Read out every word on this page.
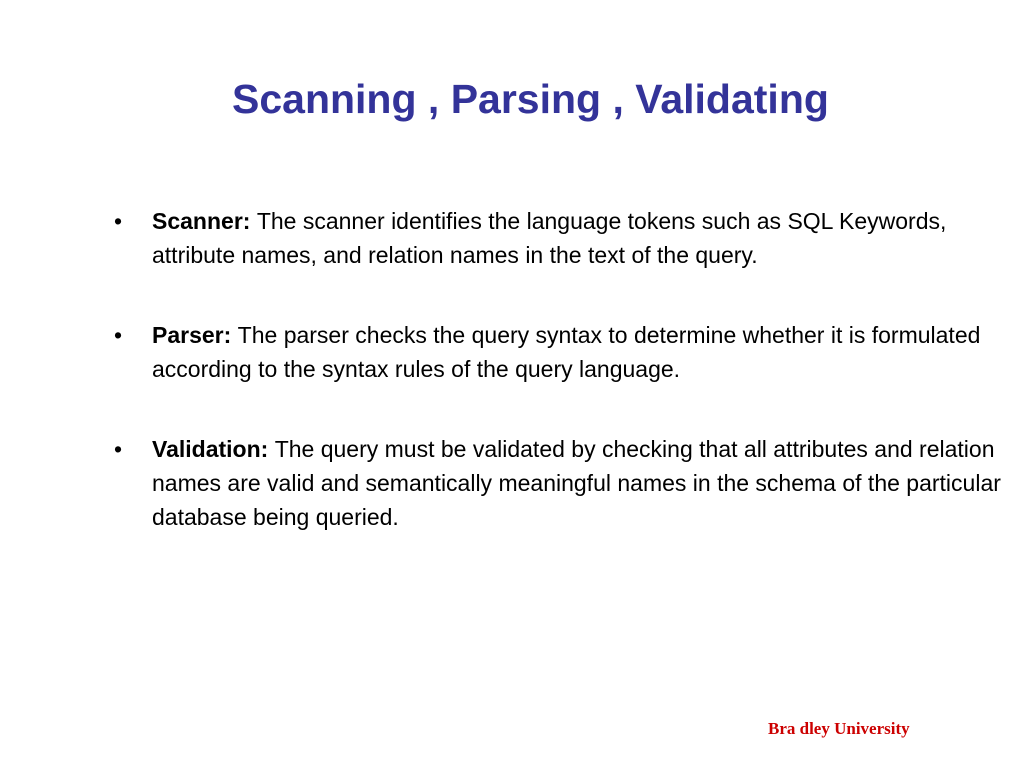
Scanning , Parsing , Validating
• Scanner: The scanner identifies the language tokens such as SQL Keywords, attribute names, and relation names in the text of the query.
• Parser: The parser checks the query syntax to determine whether it is formulated according to the syntax rules of the query language.
• Validation: The query must be validated by checking that all attributes and relation names are valid and semantically meaningful names in the schema of the particular database being queried.

Bra dley University
